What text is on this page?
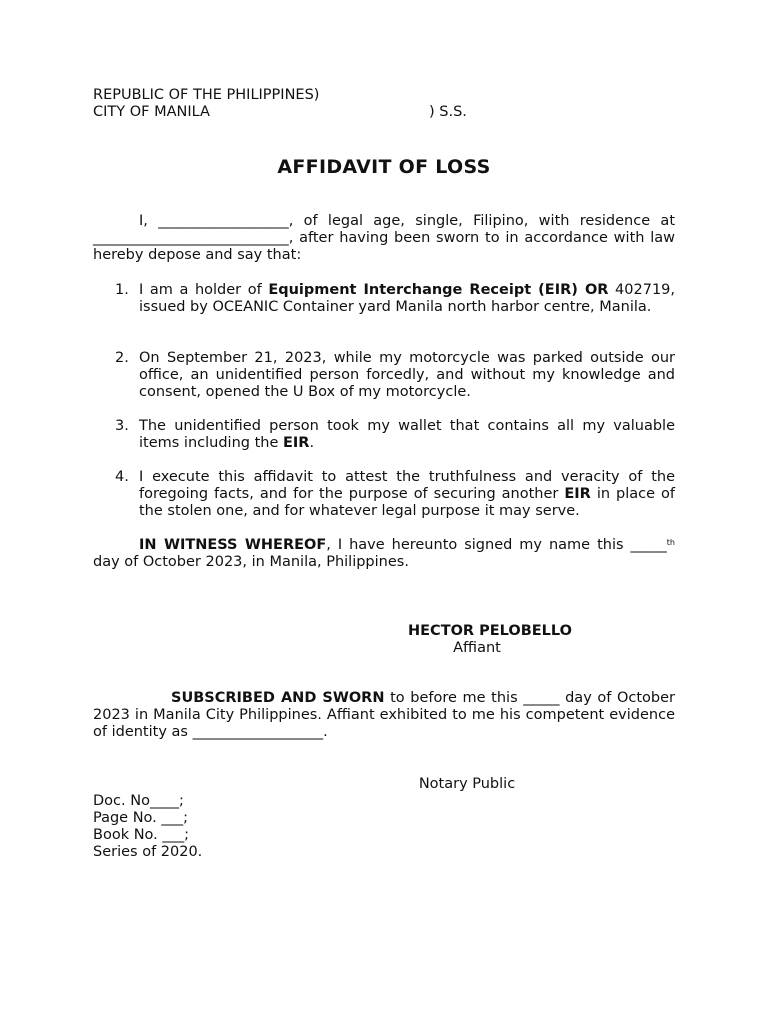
REPUBLIC OF THE PHILIPPINES)
CITY OF MANILA	) S.S.
AFFIDAVIT OF LOSS
I, __________________, of legal age, single, Filipino, with residence at ___________________________, after having been sworn to in accordance with law hereby depose and say that:
1. I am a holder of Equipment Interchange Receipt (EIR) OR 402719, issued by OCEANIC Container yard Manila north harbor centre, Manila.
2. On September 21, 2023, while my motorcycle was parked outside our office, an unidentified person forcedly, and without my knowledge and consent, opened the U Box of my motorcycle.
3. The unidentified person took my wallet that contains all my valuable items including the EIR.
4. I execute this affidavit to attest the truthfulness and veracity of the foregoing facts, and for the purpose of securing another EIR in place of the stolen one, and for whatever legal purpose it may serve.
IN WITNESS WHEREOF, I have hereunto signed my name this _____$^{th}$ day of October 2023, in Manila, Philippines.
HECTOR PELOBELLO
Affiant
SUBSCRIBED AND SWORN to before me this _____ day of October 2023 in Manila City Philippines. Affiant exhibited to me his competent evidence of identity as __________________.
Notary Public
Doc. No____;
Page No. ___;
Book No. ___;
Series of 2020.
